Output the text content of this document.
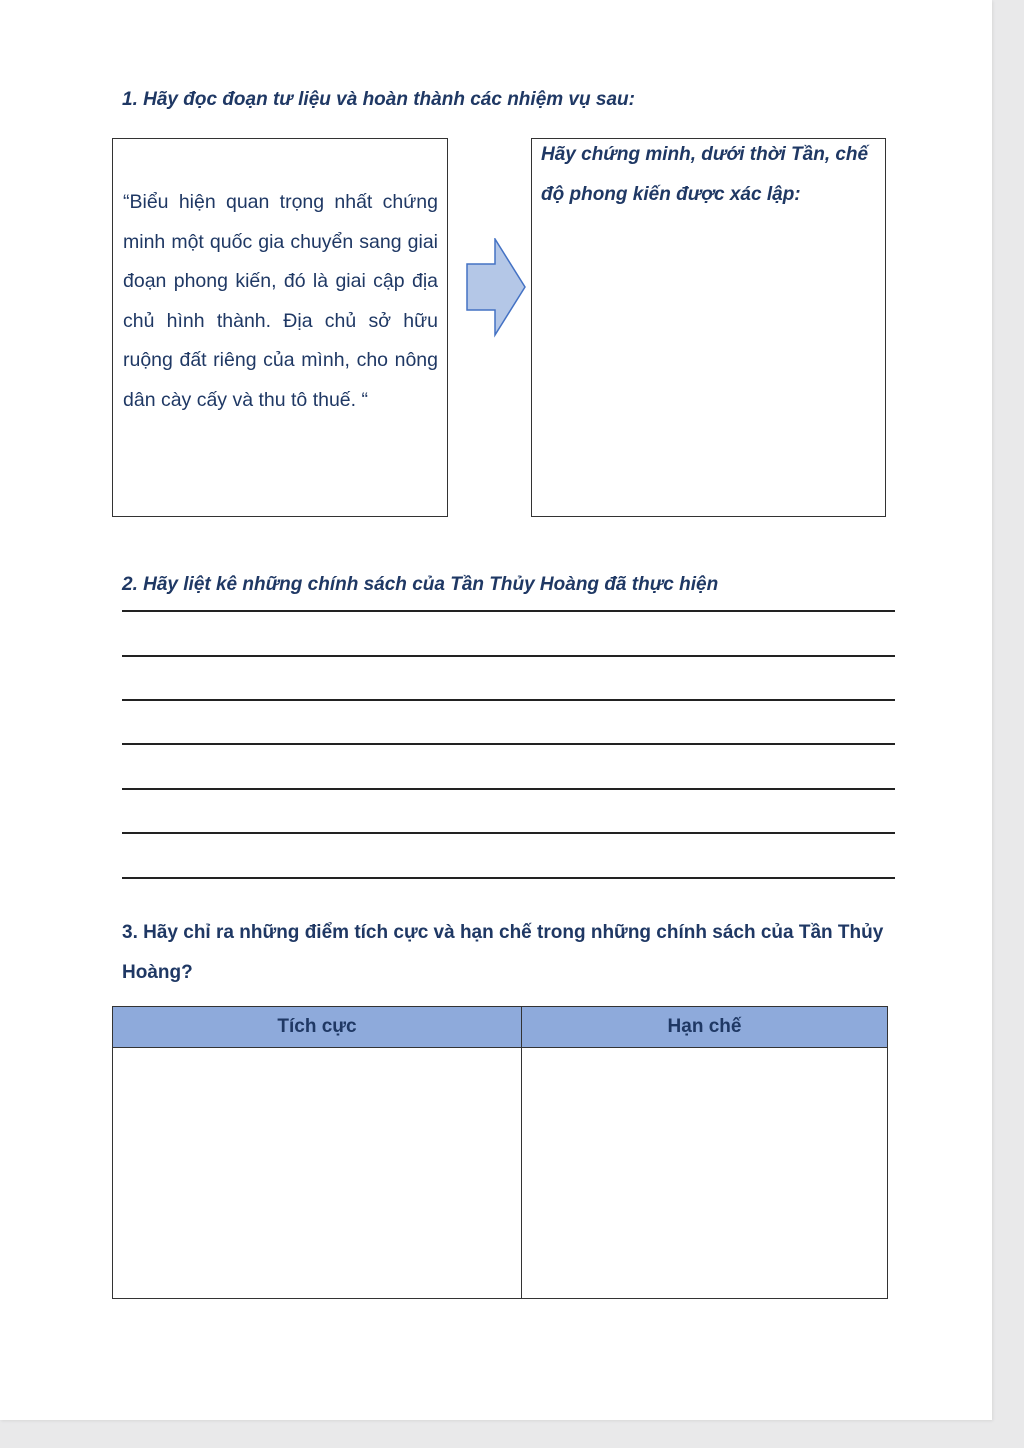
1. Hãy đọc đoạn tư liệu và hoàn thành các nhiệm vụ sau:
“Biểu hiện quan trọng nhất chứng minh một quốc gia chuyển sang giai đoạn phong kiến, đó là giai cập địa chủ hình thành. Địa chủ sở hữu ruộng đất riêng của mình, cho nông dân cày cấy và thu tô thuế. “
Hãy chứng minh, dưới thời Tần, chế độ phong kiến được xác lập:
2. Hãy liệt kê những chính sách của Tần Thủy Hoàng đã thực hiện
3. Hãy chỉ ra những điểm tích cực và hạn chế trong những chính sách của Tần Thủy Hoàng?
Tích cực	Hạn chế
